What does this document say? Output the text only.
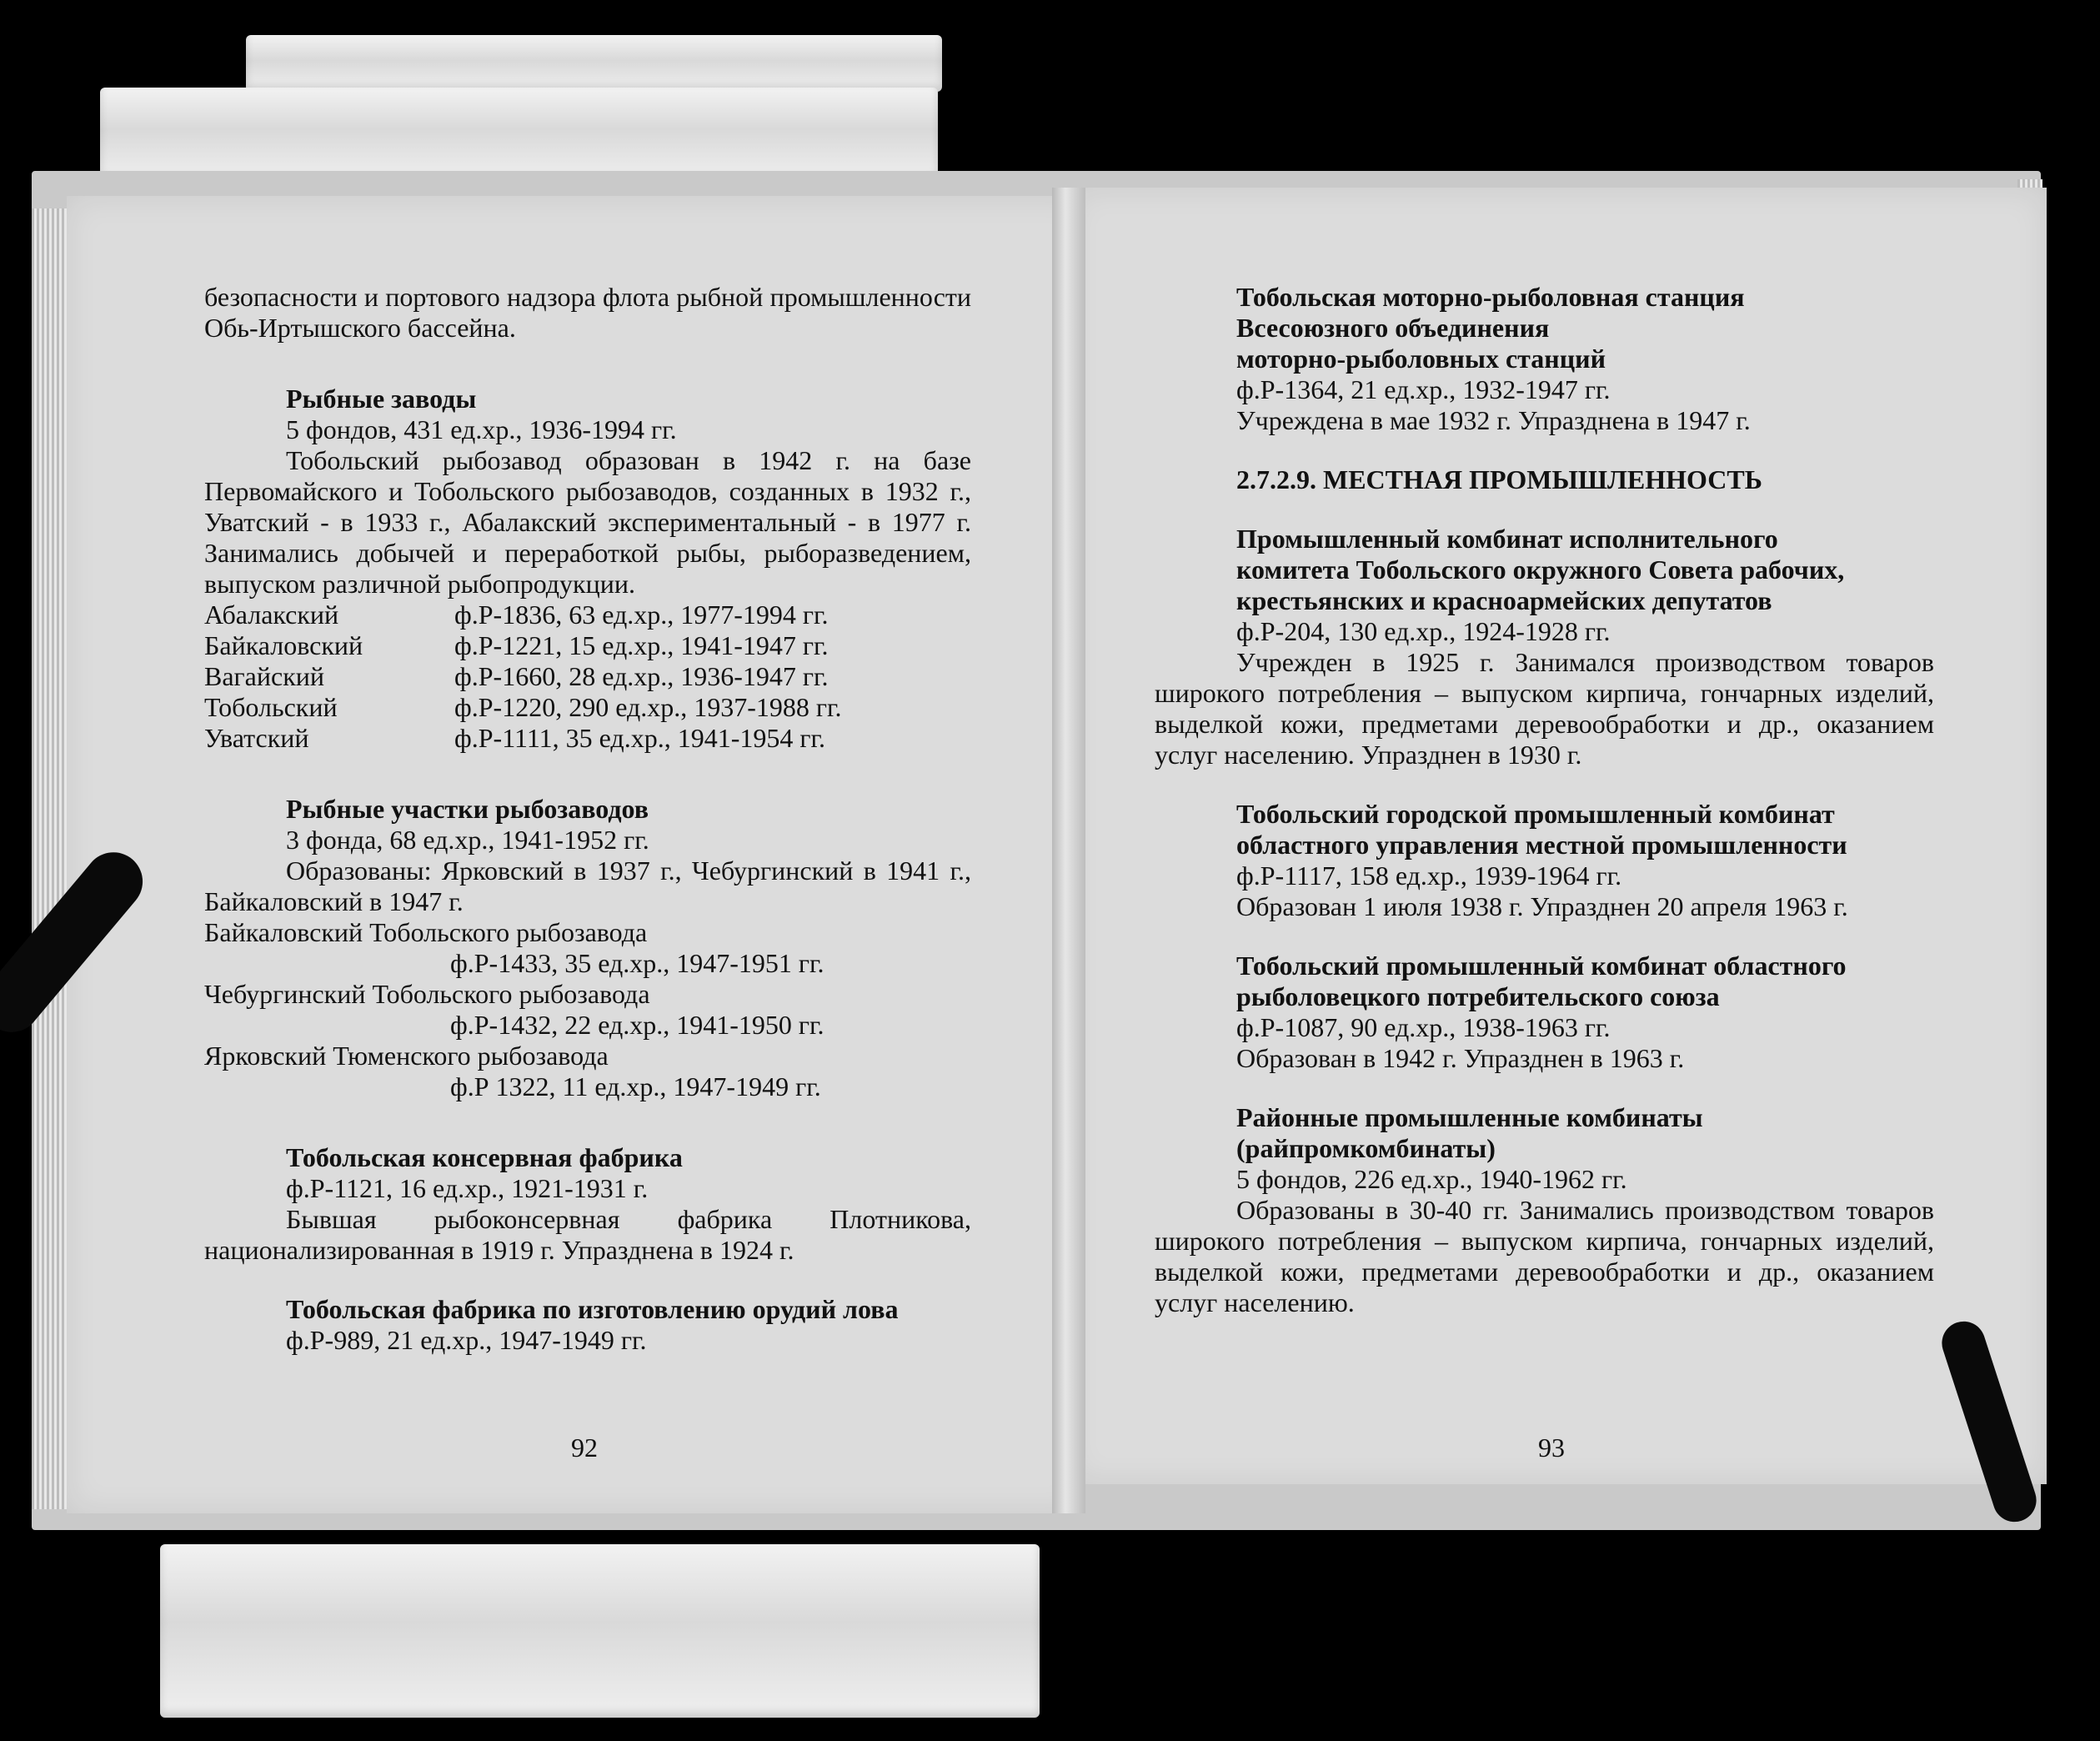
безопасности и портового надзора флота рыбной промышленности Обь-Иртышского бассейна.

Рыбные заводы

5 фондов, 431 ед.хр., 1936-1994 гг.

Тобольский рыбозавод образован в 1942 г. на базе Первомайского и Тобольского рыбозаводов, созданных в 1932 г., Уватский - в 1933 г., Абалакский экспериментальный - в 1977 г. Занимались добычей и переработкой рыбы, рыборазведением, выпуском различной рыбопродукции.

Абалакский	ф.Р-1836, 63 ед.хр., 1977-1994 гг.
Байкаловский	ф.Р-1221, 15 ед.хр., 1941-1947 гг.
Вагайский	ф.Р-1660, 28 ед.хр., 1936-1947 гг.
Тобольский	ф.Р-1220, 290 ед.хр., 1937-1988 гг.
Уватский	ф.Р-1111, 35 ед.хр., 1941-1954 гг.

Рыбные участки рыбозаводов

3 фонда, 68 ед.хр., 1941-1952 гг.

Образованы: Ярковский в 1937 г., Чебургинский в 1941 г., Байкаловский в 1947 г.

Байкаловский Тобольского рыбозавода

ф.Р-1433, 35 ед.хр., 1947-1951 гг.

Чебургинский Тобольского рыбозавода

ф.Р-1432, 22 ед.хр., 1941-1950 гг.

Ярковский Тюменского рыбозавода

ф.Р 1322, 11 ед.хр., 1947-1949 гг.

Тобольская консервная фабрика

ф.Р-1121, 16 ед.хр., 1921-1931 г.

Бывшая рыбоконсервная фабрика Плотникова, национализированная в 1919 г. Упразднена в 1924 г.

Тобольская фабрика по изготовлению орудий лова

ф.Р-989, 21 ед.хр., 1947-1949 гг.

92

Тобольская моторно-рыболовная станция

Всесоюзного объединения

моторно-рыболовных станций

ф.Р-1364, 21 ед.хр., 1932-1947 гг.

Учреждена в мае 1932 г. Упразднена в 1947 г.

2.7.2.9. МЕСТНАЯ ПРОМЫШЛЕННОСТЬ

Промышленный комбинат исполнительного

комитета Тобольского окружного Совета рабочих,

крестьянских и красноармейских депутатов

ф.Р-204, 130 ед.хр., 1924-1928 гг.

Учрежден в 1925 г. Занимался производством товаров широкого потребления – выпуском кирпича, гончарных изделий, выделкой кожи, предметами деревообработки и др., оказанием услуг населению. Упразднен в 1930 г.

Тобольский городской промышленный комбинат

областного управления местной промышленности

ф.Р-1117, 158 ед.хр., 1939-1964 гг.

Образован 1 июля 1938 г. Упразднен 20 апреля 1963 г.

Тобольский промышленный комбинат областного

рыболовецкого потребительского союза

ф.Р-1087, 90 ед.хр., 1938-1963 гг.

Образован в 1942 г. Упразднен в 1963 г.

Районные промышленные комбинаты

(райпромкомбинаты)

5 фондов, 226 ед.хр., 1940-1962 гг.

Образованы в 30-40 гг. Занимались производством товаров широкого потребления – выпуском кирпича, гончарных изделий, выделкой кожи, предметами деревообработки и др., оказанием услуг населению.

93
